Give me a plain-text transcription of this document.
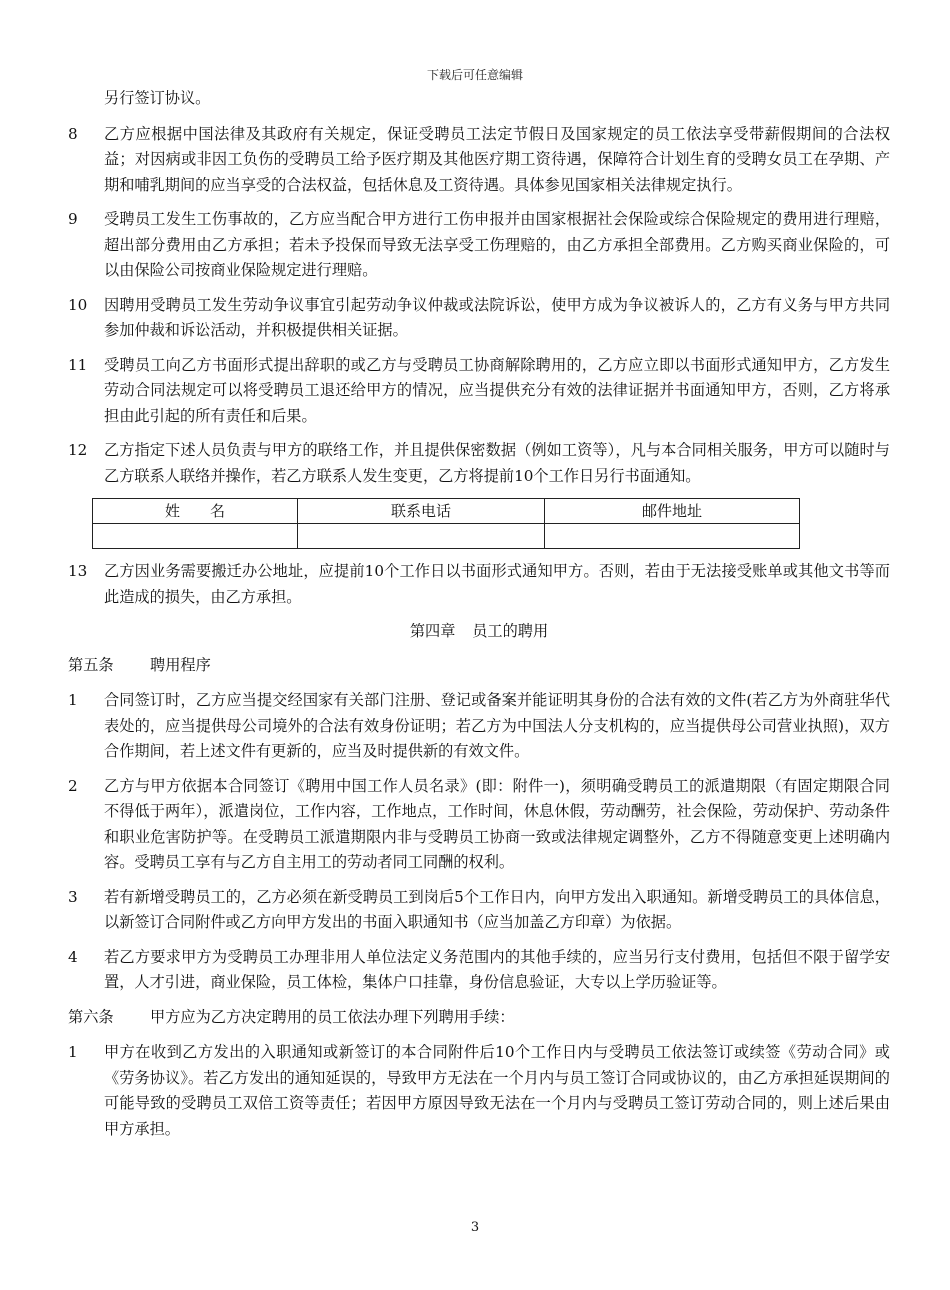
下载后可任意编辑
另行签订协议。
8	乙方应根据中国法律及其政府有关规定，保证受聘员工法定节假日及国家规定的员工依法享受带薪假期间的合法权益；对因病或非因工负伤的受聘员工给予医疗期及其他医疗期工资待遇，保障符合计划生育的受聘女员工在孕期、产期和哺乳期间的应当享受的合法权益，包括休息及工资待遇。具体参见国家相关法律规定执行。
9	受聘员工发生工伤事故的，乙方应当配合甲方进行工伤申报并由国家根据社会保险或综合保险规定的费用进行理赔，超出部分费用由乙方承担；若未予投保而导致无法享受工伤理赔的，由乙方承担全部费用。乙方购买商业保险的，可以由保险公司按商业保险规定进行理赔。
10	因聘用受聘员工发生劳动争议事宜引起劳动争议仲裁或法院诉讼，使甲方成为争议被诉人的，乙方有义务与甲方共同参加仲裁和诉讼活动，并积极提供相关证据。
11	受聘员工向乙方书面形式提出辞职的或乙方与受聘员工协商解除聘用的，乙方应立即以书面形式通知甲方，乙方发生劳动合同法规定可以将受聘员工退还给甲方的情况，应当提供充分有效的法律证据并书面通知甲方，否则，乙方将承担由此引起的所有责任和后果。
12	乙方指定下述人员负责与甲方的联络工作，并且提供保密数据（例如工资等），凡与本合同相关服务，甲方可以随时与乙方联系人联络并操作，若乙方联系人发生变更，乙方将提前10个工作日另行书面通知。
姓　　名	联系电话	邮件地址

13	乙方因业务需要搬迁办公地址，应提前10个工作日以书面形式通知甲方。否则，若由于无法接受账单或其他文书等而此造成的损失，由乙方承担。
第四章 员工的聘用
第五条	聘用程序
1	合同签订时，乙方应当提交经国家有关部门注册、登记或备案并能证明其身份的合法有效的文件(若乙方为外商驻华代表处的，应当提供母公司境外的合法有效身份证明；若乙方为中国法人分支机构的，应当提供母公司营业执照)，双方合作期间，若上述文件有更新的，应当及时提供新的有效文件。
2	乙方与甲方依据本合同签订《聘用中国工作人员名录》(即：附件一)，须明确受聘员工的派遣期限（有固定期限合同不得低于两年），派遣岗位，工作内容，工作地点，工作时间，休息休假，劳动酬劳，社会保险，劳动保护、劳动条件和职业危害防护等。在受聘员工派遣期限内非与受聘员工协商一致或法律规定调整外，乙方不得随意变更上述明确内容。受聘员工享有与乙方自主用工的劳动者同工同酬的权利。
3	若有新增受聘员工的，乙方必须在新受聘员工到岗后5个工作日内，向甲方发出入职通知。新增受聘员工的具体信息，以新签订合同附件或乙方向甲方发出的书面入职通知书（应当加盖乙方印章）为依据。
4	若乙方要求甲方为受聘员工办理非用人单位法定义务范围内的其他手续的，应当另行支付费用，包括但不限于留学安置，人才引进，商业保险，员工体检，集体户口挂靠，身份信息验证，大专以上学历验证等。
第六条	甲方应为乙方决定聘用的员工依法办理下列聘用手续：
1	甲方在收到乙方发出的入职通知或新签订的本合同附件后10个工作日内与受聘员工依法签订或续签《劳动合同》或《劳务协议》。若乙方发出的通知延误的，导致甲方无法在一个月内与员工签订合同或协议的，由乙方承担延误期间的可能导致的受聘员工双倍工资等责任；若因甲方原因导致无法在一个月内与受聘员工签订劳动合同的，则上述后果由甲方承担。
3
